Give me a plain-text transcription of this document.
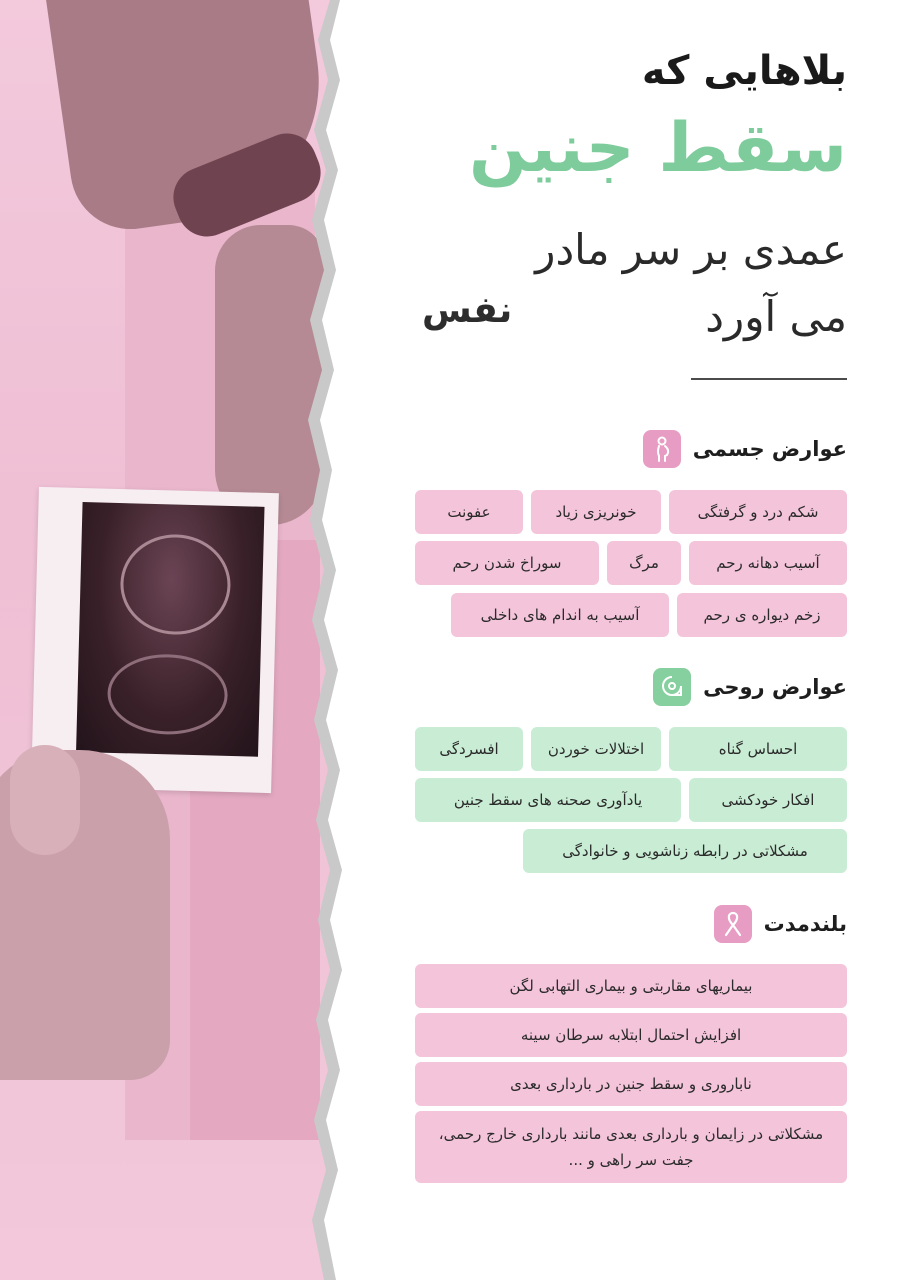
بلاهایی که
سقط جنین
عمدی بر سر مادر
می آورد
نفس
عوارض جسمی
شکم درد و گرفتگی
خونریزی زیاد
عفونت
آسیب دهانه رحم
مرگ
سوراخ شدن رحم
زخم دیواره ی رحم
آسیب به اندام های داخلی
عوارض روحی
احساس گناه
اختلالات خوردن
افسردگی
افکار خودکشی
یادآوری صحنه های سقط جنین
مشکلاتی در رابطه زناشویی و خانوادگی
بلندمدت
بیماریهای مقاربتی و بیماری التهابی لگن
افزایش احتمال ابتلابه سرطان سینه
ناباروری و سقط جنین در بارداری بعدی
مشکلاتی در زایمان و بارداری بعدی مانند بارداری خارج رحمی، جفت سر راهی و ...
